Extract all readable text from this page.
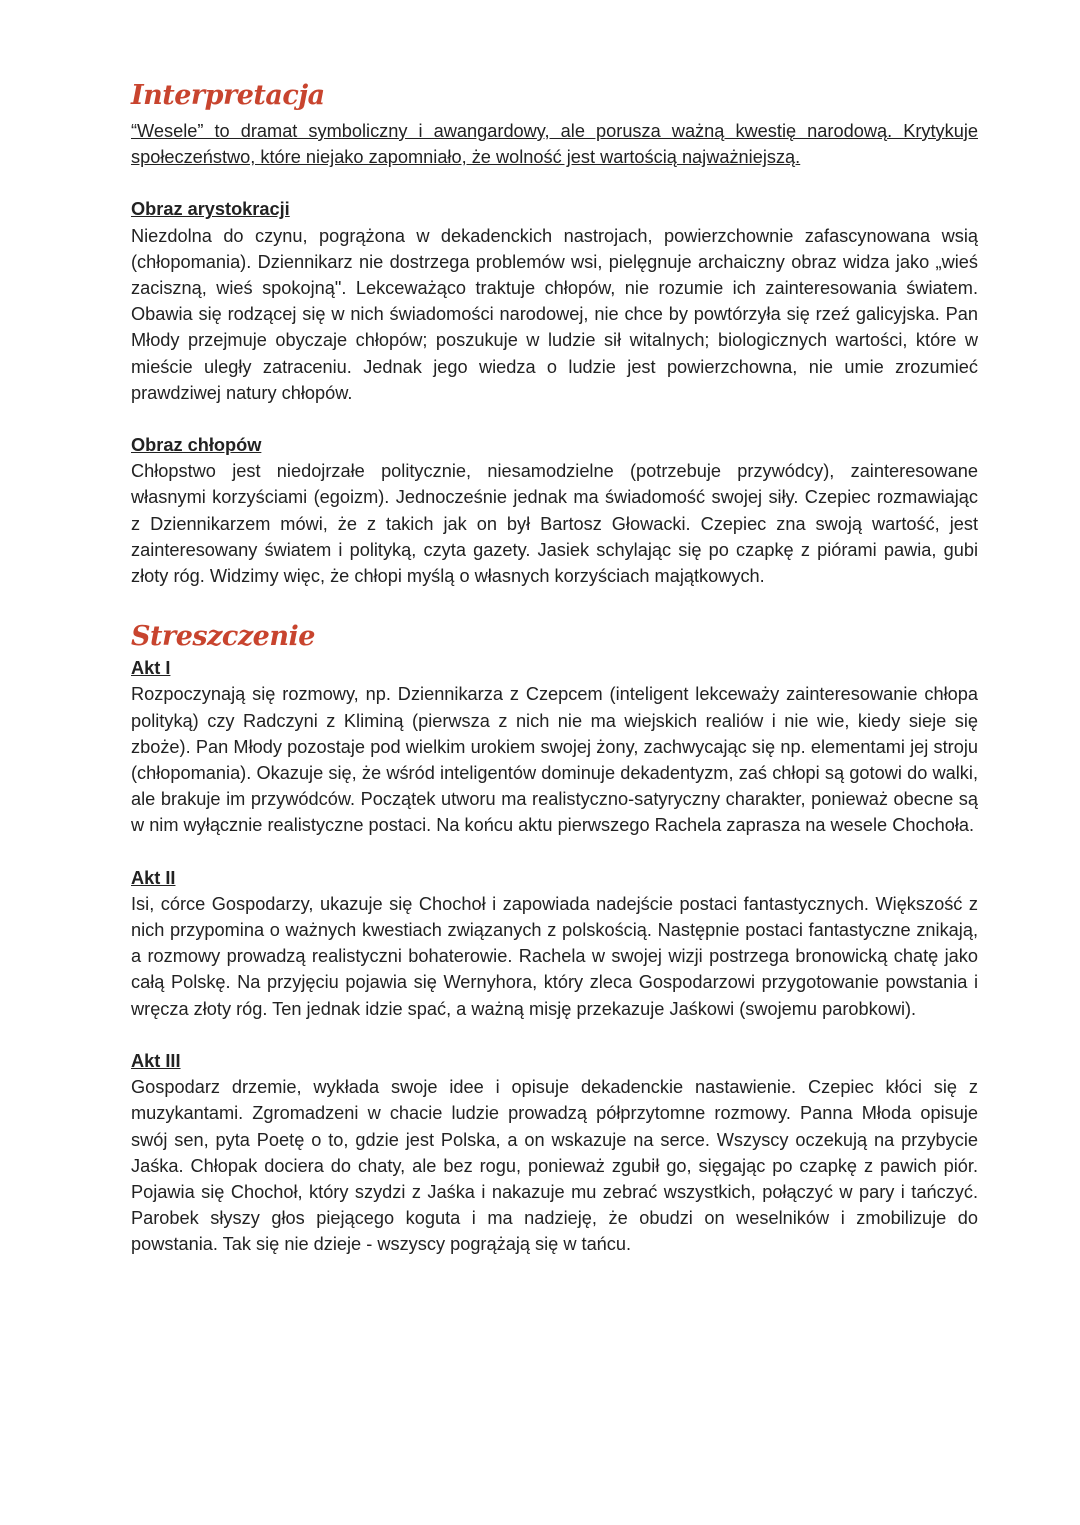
Interpretacja

“Wesele” to dramat symboliczny i awangardowy, ale porusza ważną kwestię narodową. Krytykuje społeczeństwo, które niejako zapomniało, że wolność jest wartością najważniejszą.

Obraz arystokracji

Niezdolna do czynu, pogrążona w dekadenckich nastrojach, powierzchownie zafascynowana wsią (chłopomania). Dziennikarz nie dostrzega problemów wsi, pielęgnuje archaiczny obraz widza jako „wieś zaciszną, wieś spokojną". Lekceważąco traktuje chłopów, nie rozumie ich zainteresowania światem. Obawia się rodzącej się w nich świadomości narodowej, nie chce by powtórzyła się rzeź galicyjska. Pan Młody przejmuje obyczaje chłopów; poszukuje w ludzie sił witalnych; biologicznych wartości, które w mieście uległy zatraceniu. Jednak jego wiedza o ludzie jest powierzchowna, nie umie zrozumieć prawdziwej natury chłopów.

Obraz chłopów

Chłopstwo jest niedojrzałe politycznie, niesamodzielne (potrzebuje przywódcy), zainteresowane własnymi korzyściami (egoizm). Jednocześnie jednak ma świadomość swojej siły. Czepiec rozmawiając z Dziennikarzem mówi, że z takich jak on był Bartosz Głowacki. Czepiec zna swoją wartość, jest zainteresowany światem i polityką, czyta gazety. Jasiek schylając się po czapkę z piórami pawia, gubi złoty róg. Widzimy więc, że chłopi myślą o własnych korzyściach majątkowych.

Streszczenie

Akt I

Rozpoczynają się rozmowy, np. Dziennikarza z Czepcem (inteligent lekceważy zainteresowanie chłopa polityką) czy Radczyni z Kliminą (pierwsza z nich nie ma wiejskich realiów i nie wie, kiedy sieje się zboże). Pan Młody pozostaje pod wielkim urokiem swojej żony, zachwycając się np. elementami jej stroju (chłopomania). Okazuje się, że wśród inteligentów dominuje dekadentyzm, zaś chłopi są gotowi do walki, ale brakuje im przywódców. Początek utworu ma realistyczno-satyryczny charakter, ponieważ obecne są w nim wyłącznie realistyczne postaci. Na końcu aktu pierwszego Rachela zaprasza na wesele Chochoła.

Akt II

Isi, córce Gospodarzy, ukazuje się Chochoł i zapowiada nadejście postaci fantastycznych. Większość z nich przypomina o ważnych kwestiach związanych z polskością. Następnie postaci fantastyczne znikają, a rozmowy prowadzą realistyczni bohaterowie. Rachela w swojej wizji postrzega bronowicką chatę jako całą Polskę. Na przyjęciu pojawia się Wernyhora, który zleca Gospodarzowi przygotowanie powstania i wręcza złoty róg. Ten jednak idzie spać, a ważną misję przekazuje Jaśkowi (swojemu parobkowi).

Akt III

Gospodarz drzemie, wykłada swoje idee i opisuje dekadenckie nastawienie. Czepiec kłóci się z muzykantami. Zgromadzeni w chacie ludzie prowadzą półprzytomne rozmowy. Panna Młoda opisuje swój sen, pyta Poetę o to, gdzie jest Polska, a on wskazuje na serce. Wszyscy oczekują na przybycie Jaśka. Chłopak dociera do chaty, ale bez rogu, ponieważ zgubił go, sięgając po czapkę z pawich piór. Pojawia się Chochoł, który szydzi z Jaśka i nakazuje mu zebrać wszystkich, połączyć w pary i tańczyć. Parobek słyszy głos piejącego koguta i ma nadzieję, że obudzi on weselników i zmobilizuje do powstania. Tak się nie dzieje - wszyscy pogrążają się w tańcu.
